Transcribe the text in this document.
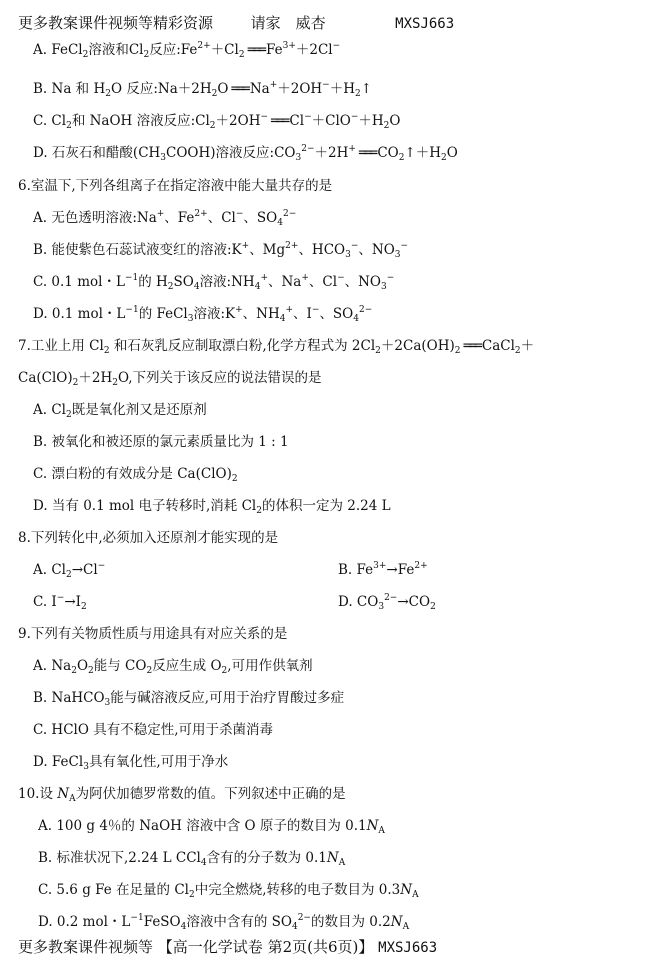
更多教案课件视频等精彩资源	请家　威杏	MXSJ663
A. FeCl$_2$溶液和$Cl_2$反应$:Fe^{2+}+Cl_2$ ═══ $Fe^{3+}+2Cl^-$
B. Na 和 $H_2O$ 反应$:Na+2H_2O$ ═══ $Na^++2OH^-+H_2↑$
C. $Cl_2$和 NaOH 溶液反应$:Cl_2+2OH^-$ ═══ $Cl^-+ClO^-+H_2O$
D. 石灰石和醋酸$(CH_3COOH)$溶液反应$:CO_3^{2-}+2H^+$ ═══ $CO_2↑+H_2O$
6.室温下,下列各组离子在指定溶液中能大量共存的是
A. 无色透明溶液:Na+、$Fe^{2+}$、Cl−、$SO_4^{2-}$
B. 能使紫色石蕊试液变红的溶液:K+、$Mg^{2+}$、$HCO_3^-$、$NO_3^-$
C. 0.1 mol・$L^{-1}$的 $H_2SO_4$溶液$:NH_4^+$、Na+、Cl−、$NO_3^-$
D. 0.1 mol・$L^{-1}$的 FeCl$_3$溶液:K+、$NH_4^+$、I−、$SO_4^{2-}$
7.工业上用 $Cl_2$ 和石灰乳反应制取漂白粉,化学方程式为 $2Cl_2+2Ca(OH)_2$ ═══ CaCl$_2$＋
$Ca(ClO)_2+2H_2O$,下列关于该反应的说法错误的是
A. $Cl_2$既是氧化剂又是还原剂
B. 被氧化和被还原的氯元素质量比为 1 : 1
C. 漂白粉的有效成分是 $Ca(ClO)_2$
D. 当有 0.1 mol 电子转移时,消耗 $Cl_2$的体积一定为 2.24 L
8.下列转化中,必须加入还原剂才能实现的是
A. $Cl_2\to Cl^-$	B. $Fe^{3+}\to Fe^{2+}$
C. $I^-\to I_2$	D. $CO_3^{2-}\to CO_2$
9.下列有关物质性质与用途具有对应关系的是
A. $Na_2O_2$能与 $CO_2$反应生成 $O_2$,可用作供氧剂
B. NaHCO$_3$能与碱溶液反应,可用于治疗胃酸过多症
C. HClO 具有不稳定性,可用于杀菌消毒
D. FeCl$_3$具有氧化性,可用于净水
10.设 $N_A$为阿伏加德罗常数的值。下列叙述中正确的是
A. 100 g 4％的 NaOH 溶液中含 O 原子的数目为 $0.1N_A$
B. 标准状况下,2.24 L CCl$_4$含有的分子数为 $0.1N_A$
C. 5.6 g Fe 在足量的 $Cl_2$中完全燃烧,转移的电子数目为 $0.3N_A$
D. 0.2 mol・$L^{-1}FeSO_4$溶液中含有的 $SO_4^{2-}$的数目为 $0.2N_A$
更多教案课件视频等 【高一化学试卷 第2页(共6页)】 MXSJ663
